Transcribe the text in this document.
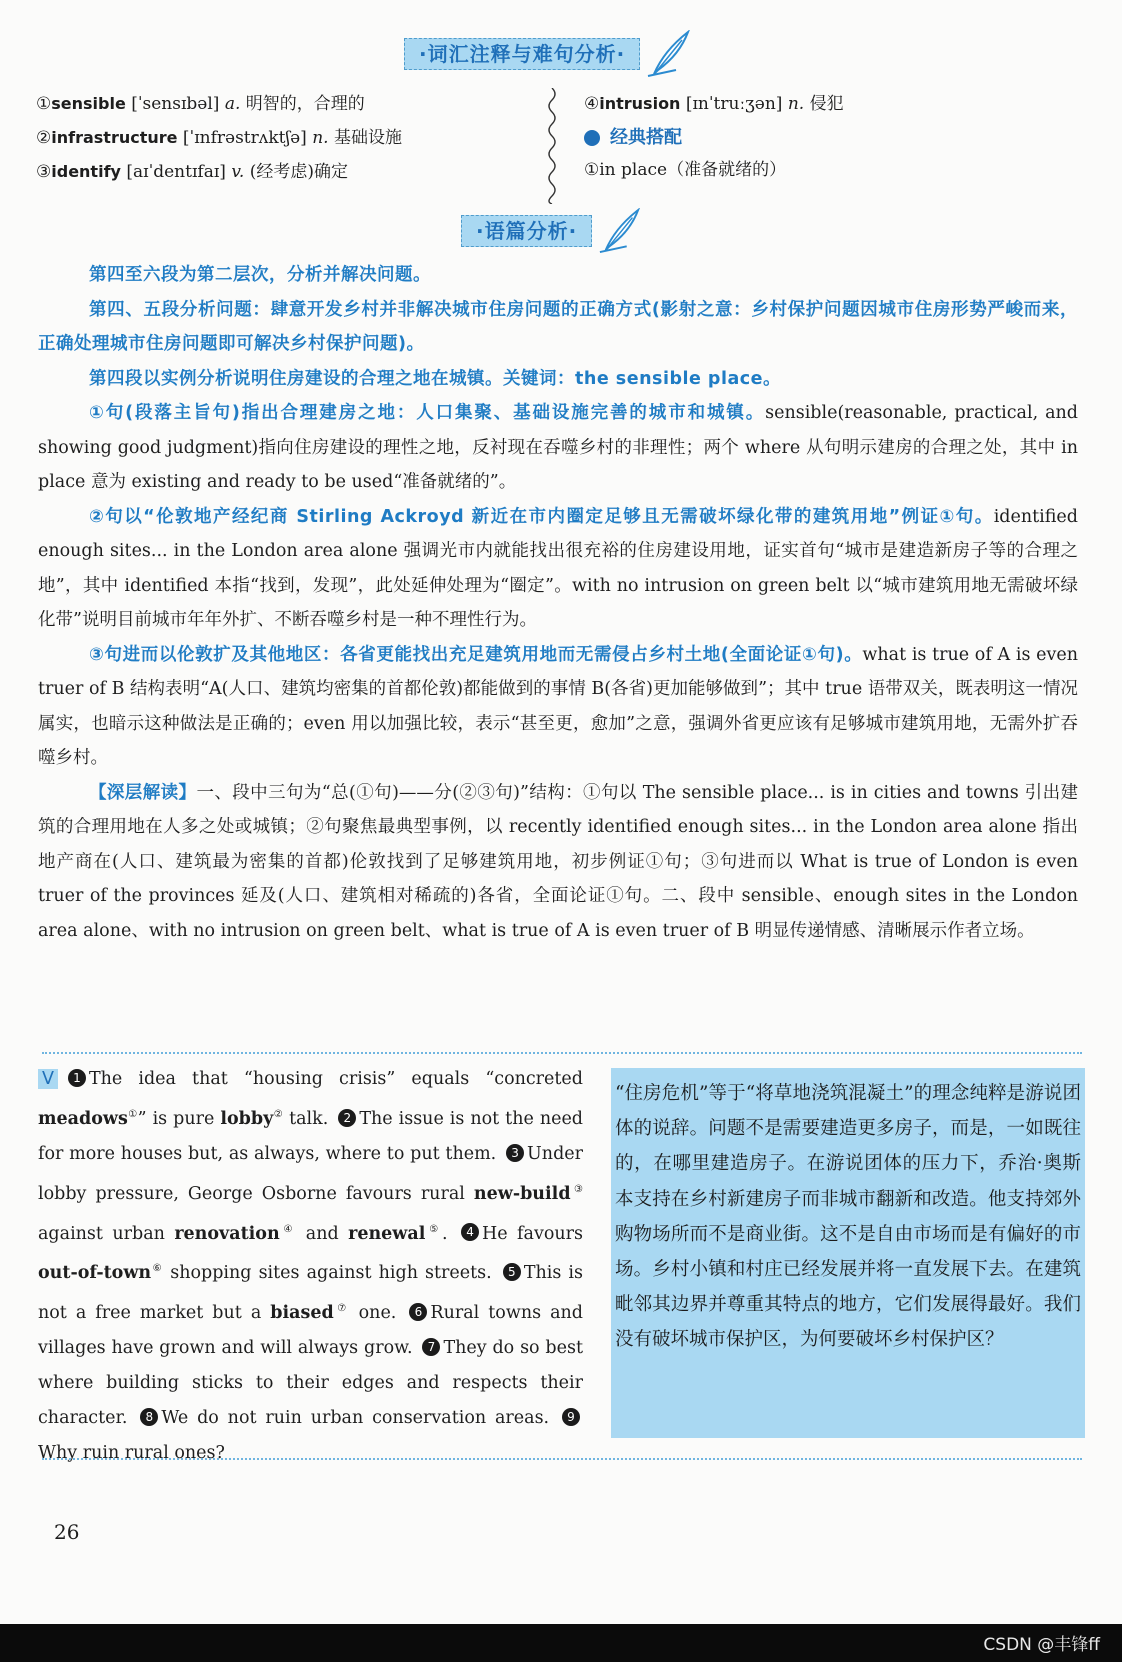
·词汇注释与难句分析·
①sensible [ˈsensɪbəl] a. 明智的，合理的
②infrastructure [ˈɪnfrəstrʌktʃə] n. 基础设施
③identify [aɪˈdentɪfaɪ] v. (经考虑)确定
④intrusion [ɪnˈtruːʒən] n. 侵犯
经典搭配
①in place（准备就绪的）
·语篇分析·

第四至六段为第二层次，分析并解决问题。

第四、五段分析问题：肆意开发乡村并非解决城市住房问题的正确方式(影射之意：乡村保护问题因城市住房形势严峻而来，正确处理城市住房问题即可解决乡村保护问题)。

第四段以实例分析说明住房建设的合理之地在城镇。关键词：the sensible place。

①句(段落主旨句)指出合理建房之地：人口集聚、基础设施完善的城市和城镇。sensible(reasonable, practical, and showing good judgment)指向住房建设的理性之地，反衬现在吞噬乡村的非理性；两个 where 从句明示建房的合理之处，其中 in place 意为 existing and ready to be used“准备就绪的”。

②句以“伦敦地产经纪商 Stirling Ackroyd 新近在市内圈定足够且无需破坏绿化带的建筑用地”例证①句。identified enough sites... in the London area alone 强调光市内就能找出很充裕的住房建设用地，证实首句“城市是建造新房子等的合理之地”，其中 identified 本指“找到，发现”，此处延伸处理为“圈定”。with no intrusion on green belt 以“城市建筑用地无需破坏绿化带”说明目前城市年年外扩、不断吞噬乡村是一种不理性行为。

③句进而以伦敦扩及其他地区：各省更能找出充足建筑用地而无需侵占乡村土地(全面论证①句)。what is true of A is even truer of B 结构表明“A(人口、建筑均密集的首都伦敦)都能做到的事情 B(各省)更加能够做到”；其中 true 语带双关，既表明这一情况属实，也暗示这种做法是正确的；even 用以加强比较，表示“甚至更，愈加”之意，强调外省更应该有足够城市建筑用地，无需外扩吞噬乡村。

【深层解读】一、段中三句为“总(①句)——分(②③句)”结构：①句以 The sensible place... is in cities and towns 引出建筑的合理用地在人多之处或城镇；②句聚焦最典型事例，以 recently identified enough sites... in the London area alone 指出地产商在(人口、建筑最为密集的首都)伦敦找到了足够建筑用地，初步例证①句；③句进而以 What is true of London is even truer of the provinces 延及(人口、建筑相对稀疏的)各省，全面论证①句。二、段中 sensible、enough sites in the London area alone、with no intrusion on green belt、what is true of A is even truer of B 明显传递情感、清晰展示作者立场。

V 1 The idea that “housing crisis” equals “concreted meadows①” is pure lobby② talk. 2 The issue is not the need for more houses but, as always, where to put them. 3 Under lobby pressure, George Osborne favours rural new-build③ against urban renovation④ and renewal⑤. 4 He favours out-of-town⑥ shopping sites against high streets. 5 This is not a free market but a biased⑦ one. 6 Rural towns and villages have grown and will always grow. 7 They do so best where building sticks to their edges and respects their character. 8 We do not ruin urban conservation areas. 9Why ruin rural ones?
“住房危机”等于“将草地浇筑混凝土”的理念纯粹是游说团体的说辞。问题不是需要建造更多房子，而是，一如既往的，在哪里建造房子。在游说团体的压力下，乔治·奥斯本支持在乡村新建房子而非城市翻新和改造。他支持郊外购物场所而不是商业街。这不是自由市场而是有偏好的市场。乡村小镇和村庄已经发展并将一直发展下去。在建筑毗邻其边界并尊重其特点的地方，它们发展得最好。我们没有破坏城市保护区，为何要破坏乡村保护区？
26
CSDN @丰锋ff
